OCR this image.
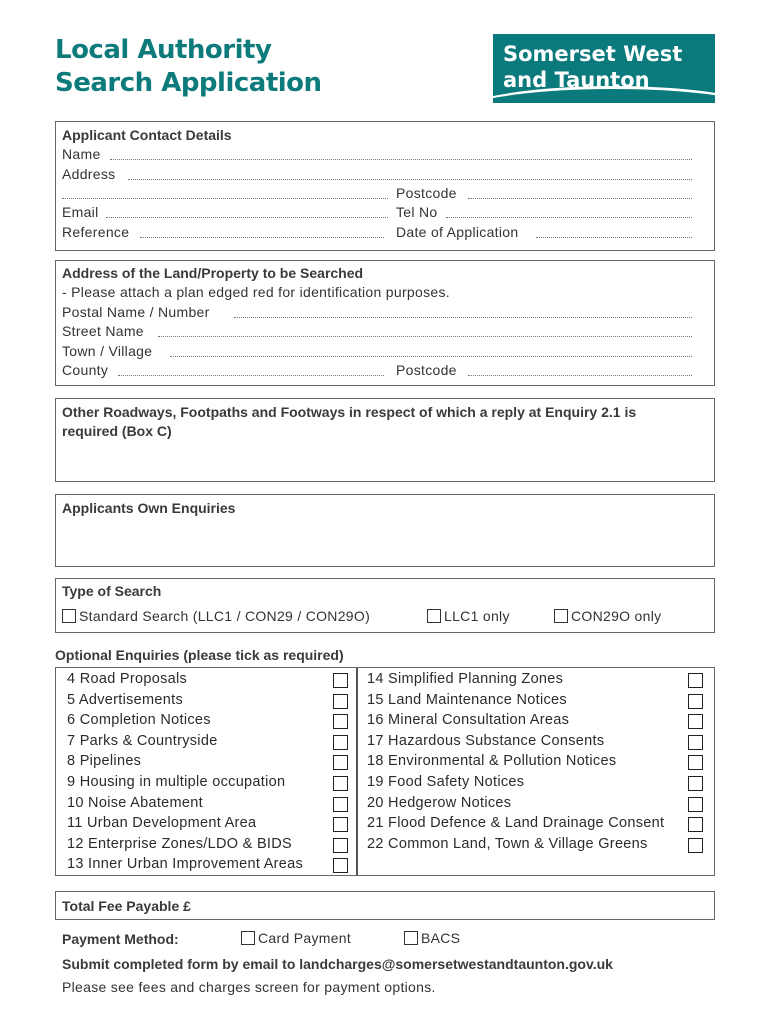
Local Authority
Search Application
Somerset West
and Taunton
Applicant Contact Details
Name
Address
Postcode
Email	Tel No
Reference	Date of Application
Address of the Land/Property to be Searched
- Please attach a plan edged red for identification purposes.
Postal Name / Number
Street Name
Town / Village
County	Postcode
Other Roadways, Footpaths and Footways in respect of which a reply at Enquiry 2.1 is
required (Box C)
Applicants Own Enquiries
Type of Search
Standard Search (LLC1 / CON29 / CON29O)	LLC1 only	CON29O only
Optional Enquiries (please tick as required)
4 Road Proposals
5 Advertisements
6 Completion Notices
7 Parks & Countryside
8 Pipelines
9 Housing in multiple occupation
10 Noise Abatement
11 Urban Development Area
12 Enterprise Zones/LDO & BIDS
13 Inner Urban Improvement Areas
14 Simplified Planning Zones
15 Land Maintenance Notices
16 Mineral Consultation Areas
17 Hazardous Substance Consents
18 Environmental & Pollution Notices
19 Food Safety Notices
20 Hedgerow Notices
21 Flood Defence & Land Drainage Consent
22 Common Land, Town & Village Greens
Total Fee Payable £
Payment Method:	Card Payment	BACS
Submit completed form by email to landcharges@somersetwestandtaunton.gov.uk
Please see fees and charges screen for payment options.
